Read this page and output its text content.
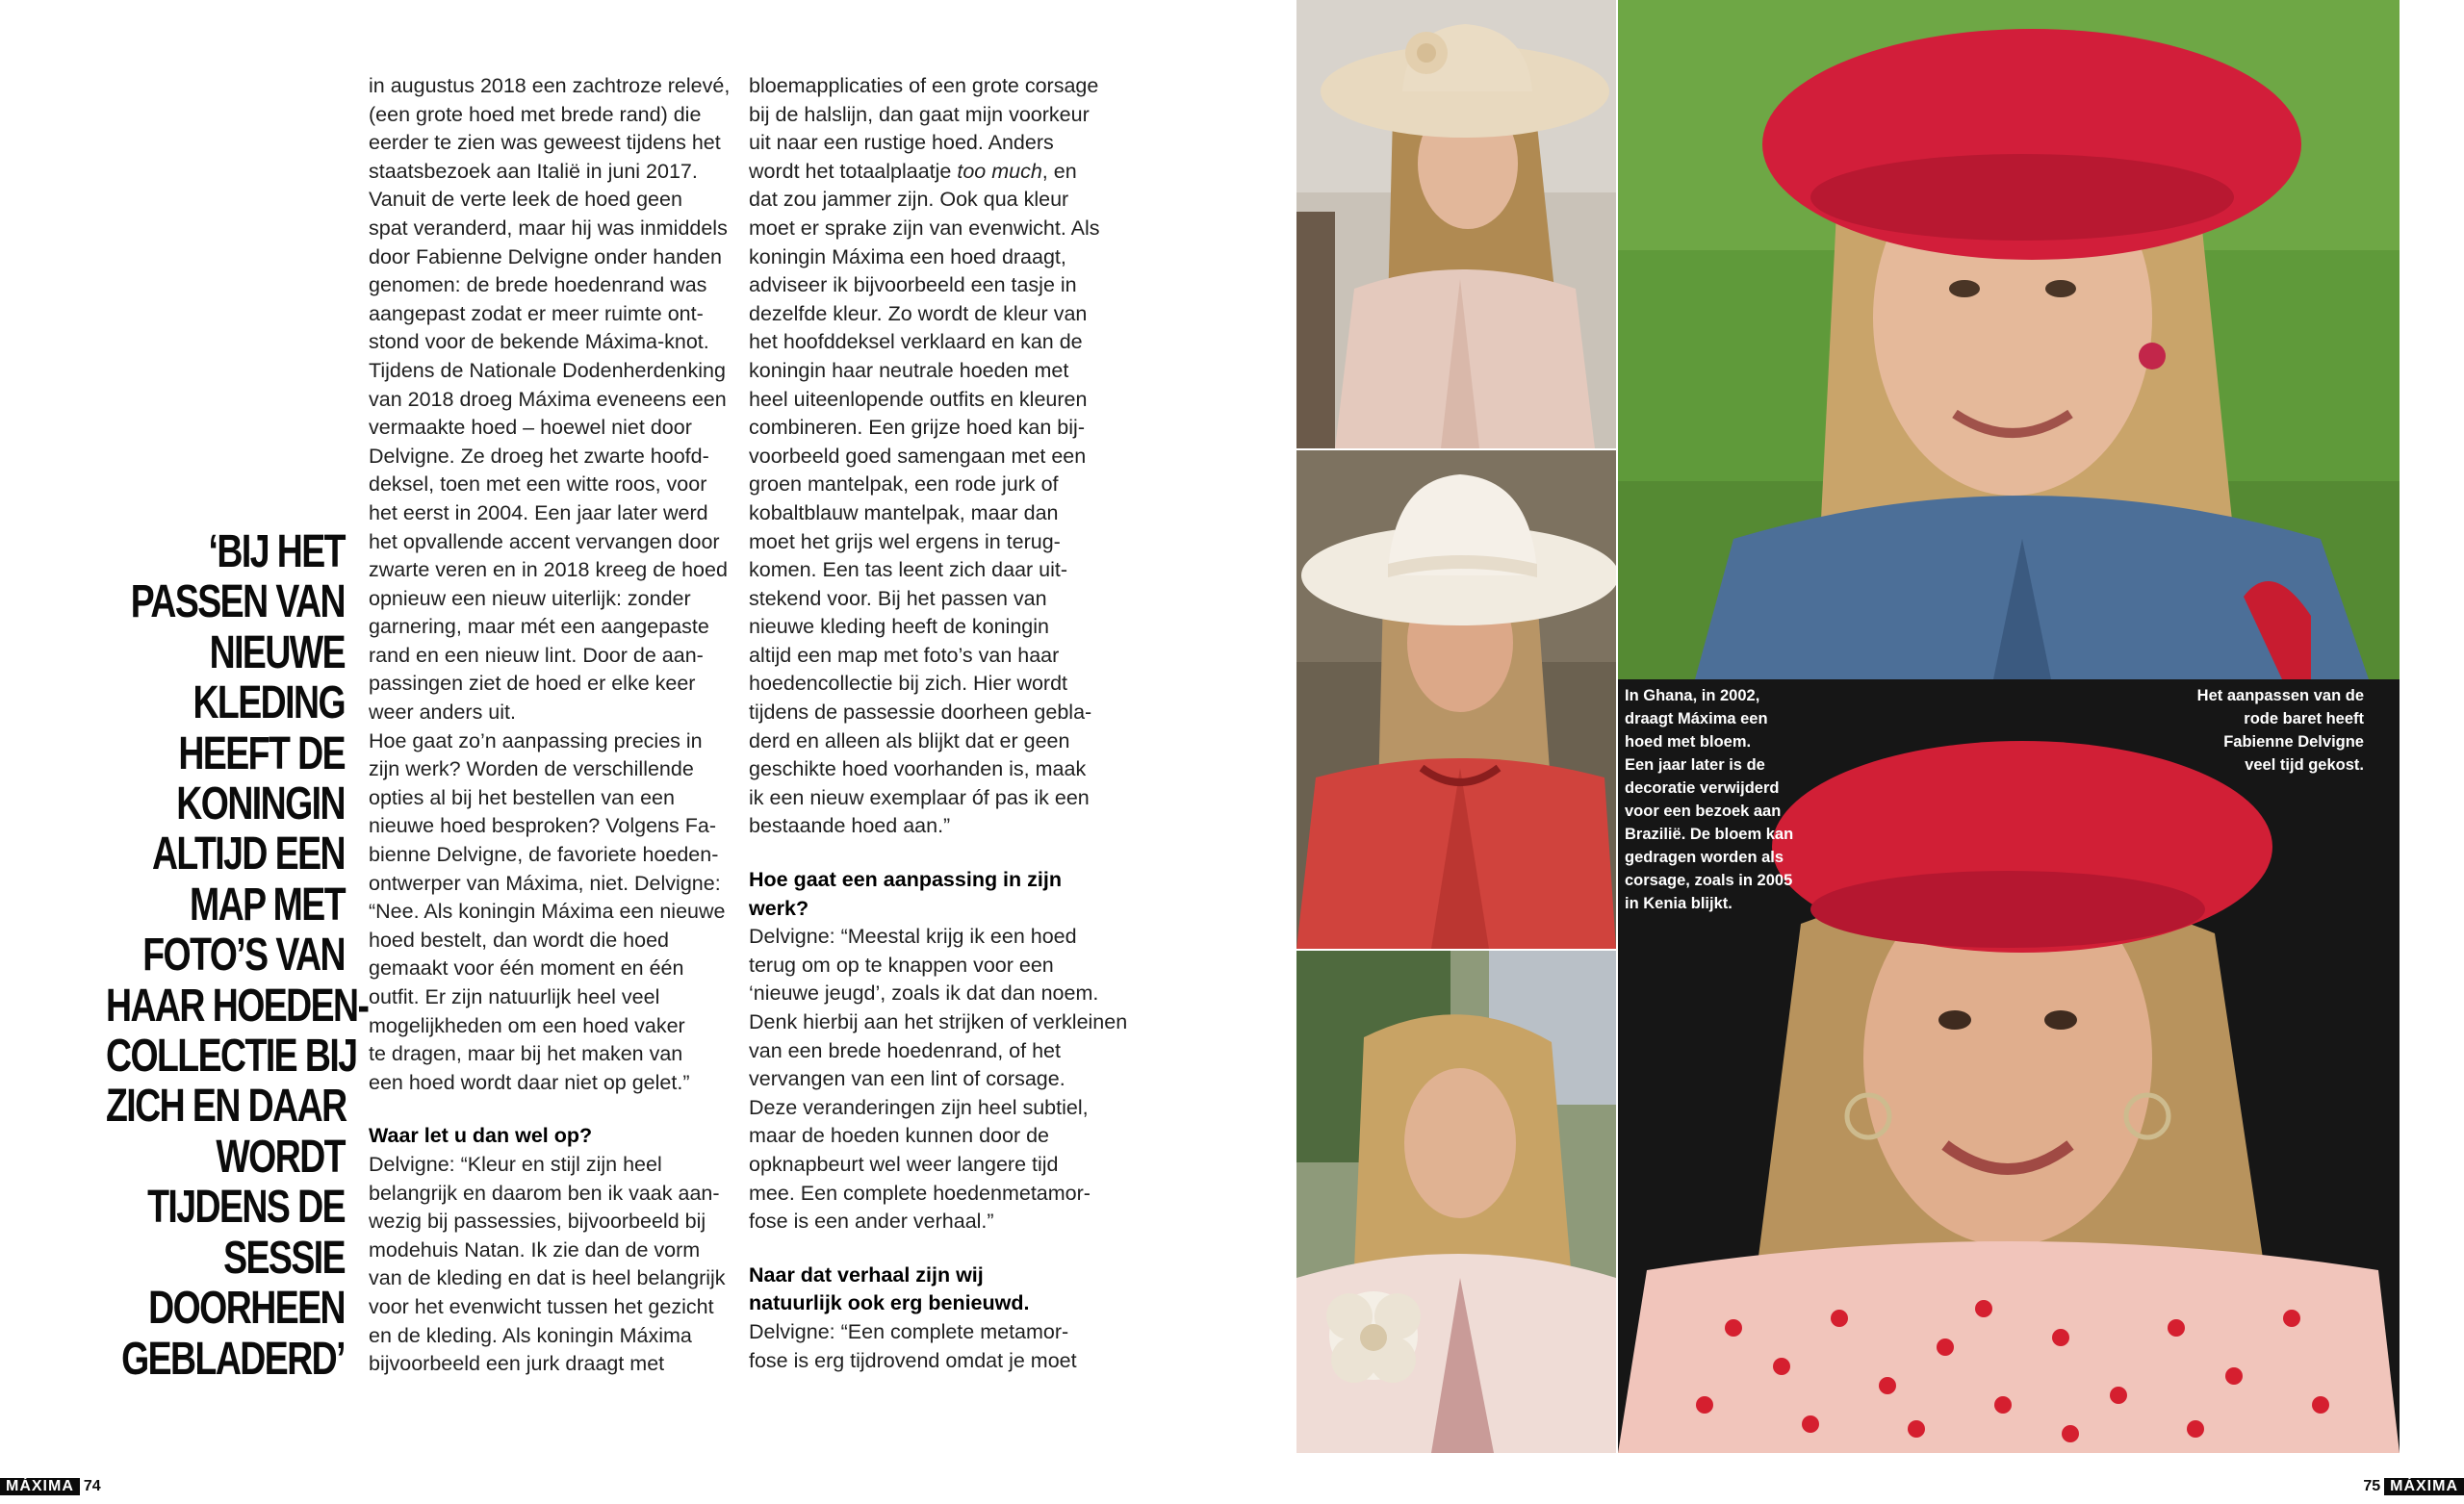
‘BIJ HET
PASSEN VAN
NIEUWE
KLEDING
HEEFT DE
KONINGIN
ALTIJD EEN
MAP MET
FOTO’S VAN
HAAR HOEDEN-
COLLECTIE BIJ
ZICH EN DAAR
WORDT
TIJDENS DE
SESSIE
DOORHEEN
GEBLADERD’

in augustus 2018 een zachtroze relevé,

(een grote hoed met brede rand) die

eerder te zien was geweest tijdens het

staatsbezoek aan Italië in juni 2017.

Vanuit de verte leek de hoed geen

spat veranderd, maar hij was inmiddels

door Fabienne Delvigne onder handen

genomen: de brede hoedenrand was

aangepast zodat er meer ruimte ont-

stond voor de bekende Máxima-knot.

Tijdens de Nationale Dodenherdenking

van 2018 droeg Máxima eveneens een

vermaakte hoed – hoewel niet door

Delvigne. Ze droeg het zwarte hoofd-

deksel, toen met een witte roos, voor

het eerst in 2004. Een jaar later werd

het opvallende accent vervangen door

zwarte veren en in 2018 kreeg de hoed

opnieuw een nieuw uiterlijk: zonder

garnering, maar mét een aangepaste

rand en een nieuw lint. Door de aan-

passingen ziet de hoed er elke keer

weer anders uit.

Hoe gaat zo’n aanpassing precies in

zijn werk? Worden de verschillende

opties al bij het bestellen van een

nieuwe hoed besproken? Volgens Fa-

bienne Delvigne, de favoriete hoeden-

ontwerper van Máxima, niet. Delvigne:

“Nee. Als koningin Máxima een nieuwe

hoed bestelt, dan wordt die hoed

gemaakt voor één moment en één

outfit. Er zijn natuurlijk heel veel

mogelijkheden om een hoed vaker

te dragen, maar bij het maken van

een hoed wordt daar niet op gelet.”

Waar let u dan wel op?

Delvigne: “Kleur en stijl zijn heel

belangrijk en daarom ben ik vaak aan-

wezig bij passessies, bijvoorbeeld bij

modehuis Natan. Ik zie dan de vorm

van de kleding en dat is heel belangrijk

voor het evenwicht tussen het gezicht

en de kleding. Als koningin Máxima

bijvoorbeeld een jurk draagt met

bloemapplicaties of een grote corsage

bij de halslijn, dan gaat mijn voorkeur

uit naar een rustige hoed. Anders

wordt het totaalplaatje too much, en

dat zou jammer zijn. Ook qua kleur

moet er sprake zijn van evenwicht. Als

koningin Máxima een hoed draagt,

adviseer ik bijvoorbeeld een tasje in

dezelfde kleur. Zo wordt de kleur van

het hoofddeksel verklaard en kan de

koningin haar neutrale hoeden met

heel uiteenlopende outfits en kleuren

combineren. Een grijze hoed kan bij-

voorbeeld goed samengaan met een

groen mantelpak, een rode jurk of

kobaltblauw mantelpak, maar dan

moet het grijs wel ergens in terug-

komen. Een tas leent zich daar uit-

stekend voor. Bij het passen van

nieuwe kleding heeft de koningin

altijd een map met foto’s van haar

hoedencollectie bij zich. Hier wordt

tijdens de passessie doorheen gebla-

derd en alleen als blijkt dat er geen

geschikte hoed voorhanden is, maak

ik een nieuw exemplaar óf pas ik een

bestaande hoed aan.”

Hoe gaat een aanpassing in zijn

werk?

Delvigne: “Meestal krijg ik een hoed

terug om op te knappen voor een

‘nieuwe jeugd’, zoals ik dat dan noem.

Denk hierbij aan het strijken of verkleinen

van een brede hoedenrand, of het

vervangen van een lint of corsage.

Deze veranderingen zijn heel subtiel,

maar de hoeden kunnen door de

opknapbeurt wel weer langere tijd

mee. Een complete hoedenmetamor-

fose is een ander verhaal.”

Naar dat verhaal zijn wij

natuurlijk ook erg benieuwd.

Delvigne: “Een complete metamor-

fose is erg tijdrovend omdat je moet

In Ghana, in 2002,

draagt Máxima een

hoed met bloem.

Een jaar later is de

decoratie verwijderd

voor een bezoek aan

Brazilië. De bloem kan

gedragen worden als

corsage, zoals in 2005

in Kenia blijkt.

Het aanpassen van de

rode baret heeft

Fabienne Delvigne

veel tijd gekost.

MÁXIMA 74	75 MÁXIMA
